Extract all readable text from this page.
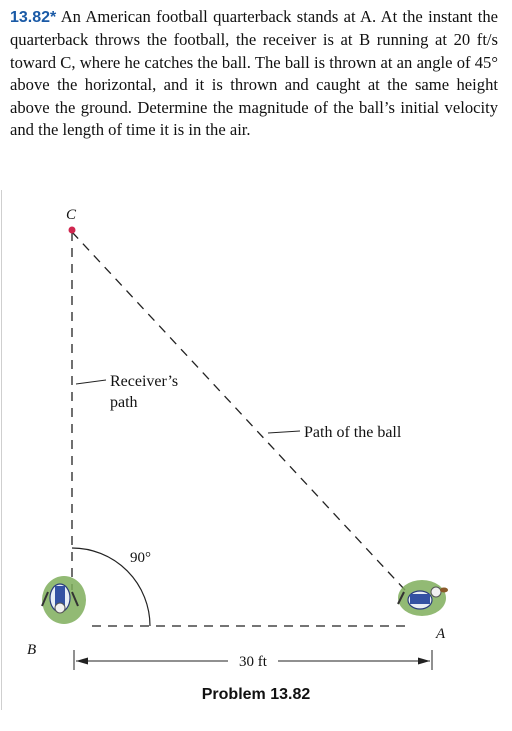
13.82* An American football quarterback stands at A. At the instant the quarterback throws the football, the receiver is at B running at 20 ft/s toward C, where he catches the ball. The ball is thrown at an angle of 45° above the horizontal, and it is thrown and caught at the same height above the ground. Determine the magnitude of the ball’s initial velocity and the length of time it is in the air.

C
Receiver’s
path
Path of the ball
90°
A
B
30 ft
Problem 13.82
